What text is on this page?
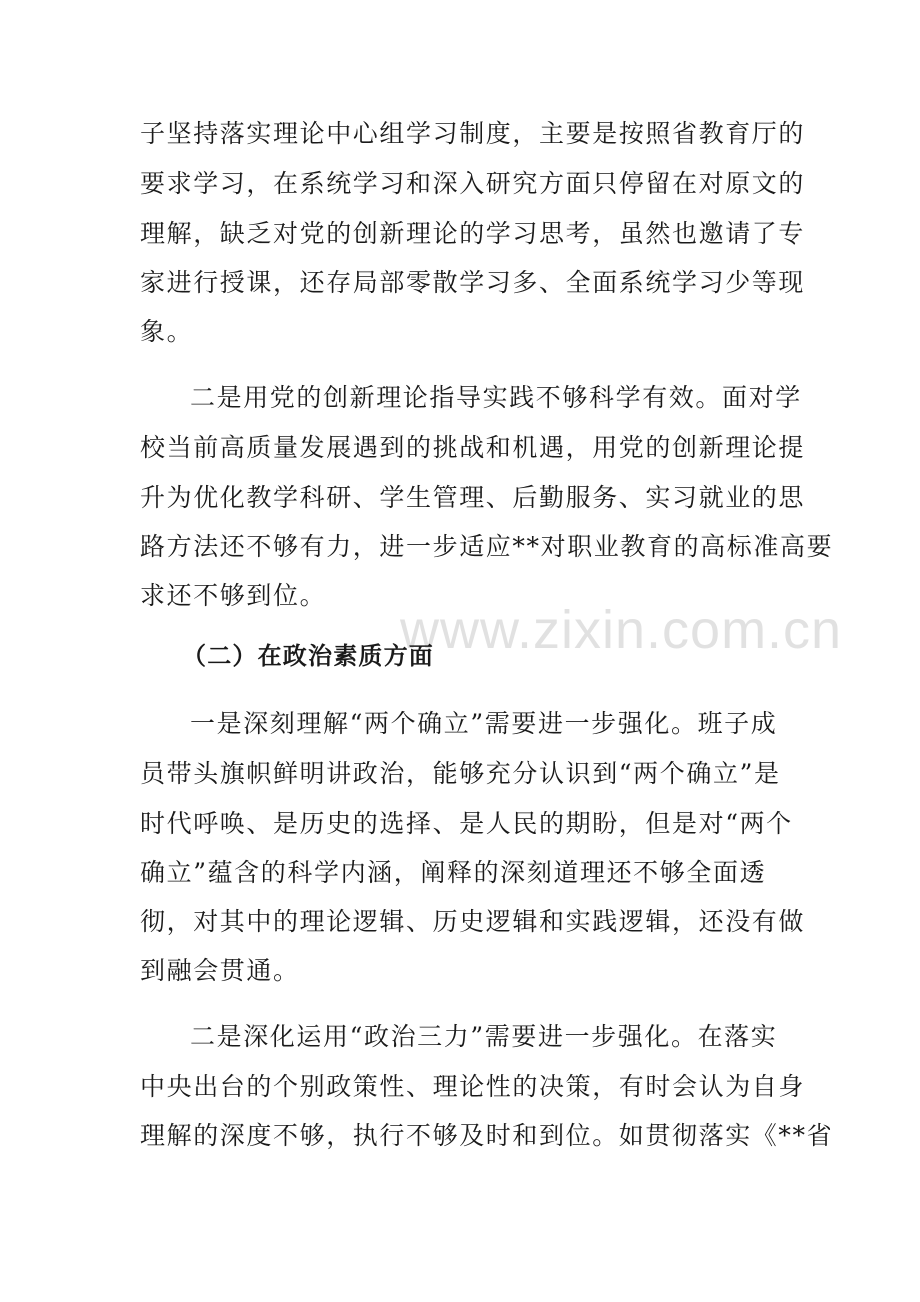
子坚持落实理论中心组学习制度，主要是按照省教育厅的
要求学习，在系统学习和深入研究方面只停留在对原文的
理解，缺乏对党的创新理论的学习思考，虽然也邀请了专
家进行授课，还存局部零散学习多、全面系统学习少等现
象。
二是用党的创新理论指导实践不够科学有效。面对学
校当前高质量发展遇到的挑战和机遇，用党的创新理论提
升为优化教学科研、学生管理、后勤服务、实习就业的思
路方法还不够有力，进一步适应**对职业教育的高标准高要
求还不够到位。
www.zixin.com.cn
（二）在政治素质方面
一是深刻理解“两个确立”需要进一步强化。班子成
员带头旗帜鲜明讲政治，能够充分认识到“两个确立”是
时代呼唤、是历史的选择、是人民的期盼，但是对“两个
确立”蕴含的科学内涵，阐释的深刻道理还不够全面透
彻，对其中的理论逻辑、历史逻辑和实践逻辑，还没有做
到融会贯通。
二是深化运用“政治三力”需要进一步强化。在落实
中央出台的个别政策性、理论性的决策，有时会认为自身
理解的深度不够，执行不够及时和到位。如贯彻落实《**省
